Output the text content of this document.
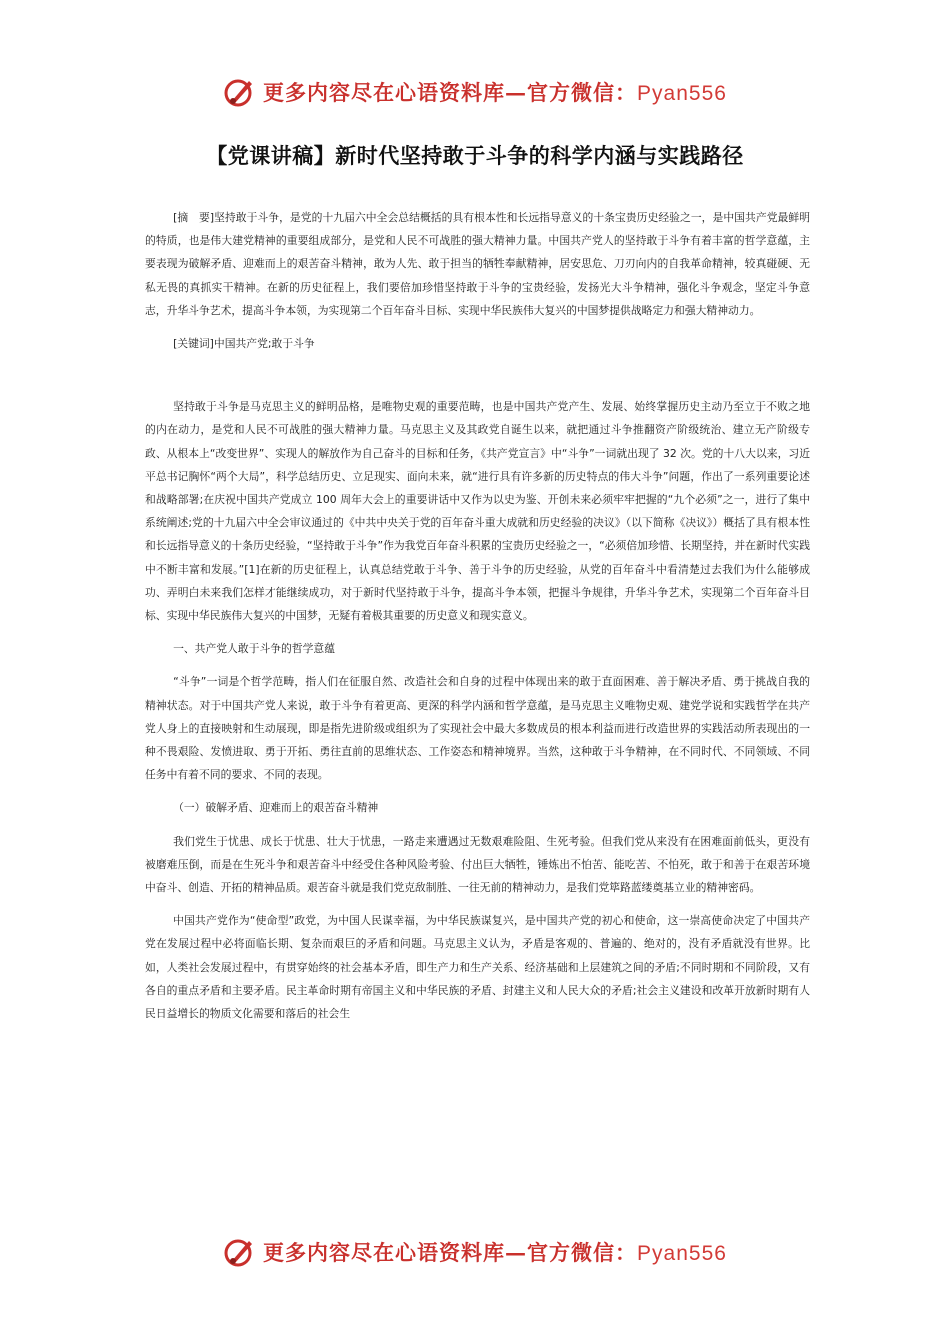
更多内容尽在心语资料库—官方微信：Pyan556
【党课讲稿】新时代坚持敢于斗争的科学内涵与实践路径

[摘　要]坚持敢于斗争，是党的十九届六中全会总结概括的具有根本性和长远指导意义的十条宝贵历史经验之一，是中国共产党最鲜明的特质，也是伟大建党精神的重要组成部分，是党和人民不可战胜的强大精神力量。中国共产党人的坚持敢于斗争有着丰富的哲学意蕴，主要表现为破解矛盾、迎难而上的艰苦奋斗精神，敢为人先、敢于担当的牺牲奉献精神，居安思危、刀刃向内的自我革命精神，较真碰硬、无私无畏的真抓实干精神。在新的历史征程上，我们要倍加珍惜坚持敢于斗争的宝贵经验，发扬光大斗争精神，强化斗争观念，坚定斗争意志，升华斗争艺术，提高斗争本领，为实现第二个百年奋斗目标、实现中华民族伟大复兴的中国梦提供战略定力和强大精神动力。

[关键词]中国共产党;敢于斗争

坚持敢于斗争是马克思主义的鲜明品格，是唯物史观的重要范畴，也是中国共产党产生、发展、始终掌握历史主动乃至立于不败之地的内在动力，是党和人民不可战胜的强大精神力量。马克思主义及其政党自诞生以来，就把通过斗争推翻资产阶级统治、建立无产阶级专政、从根本上“改变世界”、实现人的解放作为自己奋斗的目标和任务，《共产党宣言》中“斗争”一词就出现了 32 次。党的十八大以来，习近平总书记胸怀“两个大局”，科学总结历史、立足现实、面向未来，就“进行具有许多新的历史特点的伟大斗争”问题，作出了一系列重要论述和战略部署;在庆祝中国共产党成立 100 周年大会上的重要讲话中又作为以史为鉴、开创未来必须牢牢把握的“九个必须”之一，进行了集中系统阐述;党的十九届六中全会审议通过的《中共中央关于党的百年奋斗重大成就和历史经验的决议》（以下简称《决议》）概括了具有根本性和长远指导意义的十条历史经验，“坚持敢于斗争”作为我党百年奋斗积累的宝贵历史经验之一，“必须倍加珍惜、长期坚持，并在新时代实践中不断丰富和发展。”[1]在新的历史征程上，认真总结党敢于斗争、善于斗争的历史经验，从党的百年奋斗中看清楚过去我们为什么能够成功、弄明白未来我们怎样才能继续成功，对于新时代坚持敢于斗争，提高斗争本领，把握斗争规律，升华斗争艺术，实现第二个百年奋斗目标、实现中华民族伟大复兴的中国梦，无疑有着极其重要的历史意义和现实意义。

一、共产党人敢于斗争的哲学意蕴

“斗争”一词是个哲学范畴，指人们在征服自然、改造社会和自身的过程中体现出来的敢于直面困难、善于解决矛盾、勇于挑战自我的精神状态。对于中国共产党人来说，敢于斗争有着更高、更深的科学内涵和哲学意蕴，是马克思主义唯物史观、建党学说和实践哲学在共产党人身上的直接映射和生动展现，即是指先进阶级或组织为了实现社会中最大多数成员的根本利益而进行改造世界的实践活动所表现出的一种不畏艰险、发愤进取、勇于开拓、勇往直前的思维状态、工作姿态和精神境界。当然，这种敢于斗争精神，在不同时代、不同领域、不同任务中有着不同的要求、不同的表现。

（一）破解矛盾、迎难而上的艰苦奋斗精神

我们党生于忧患、成长于忧患、壮大于忧患，一路走来遭遇过无数艰难险阻、生死考验。但我们党从来没有在困难面前低头，更没有被磨难压倒，而是在生死斗争和艰苦奋斗中经受住各种风险考验、付出巨大牺牲，锤炼出不怕苦、能吃苦、不怕死，敢于和善于在艰苦环境中奋斗、创造、开拓的精神品质。艰苦奋斗就是我们党克敌制胜、一往无前的精神动力，是我们党筚路蓝缕奠基立业的精神密码。

中国共产党作为“使命型”政党，为中国人民谋幸福，为中华民族谋复兴，是中国共产党的初心和使命，这一崇高使命决定了中国共产党在发展过程中必将面临长期、复杂而艰巨的矛盾和问题。马克思主义认为，矛盾是客观的、普遍的、绝对的，没有矛盾就没有世界。比如，人类社会发展过程中，有贯穿始终的社会基本矛盾，即生产力和生产关系、经济基础和上层建筑之间的矛盾;不同时期和不同阶段，又有各自的重点矛盾和主要矛盾。民主革命时期有帝国主义和中华民族的矛盾、封建主义和人民大众的矛盾;社会主义建设和改革开放新时期有人民日益增长的物质文化需要和落后的社会生

更多内容尽在心语资料库—官方微信：Pyan556
